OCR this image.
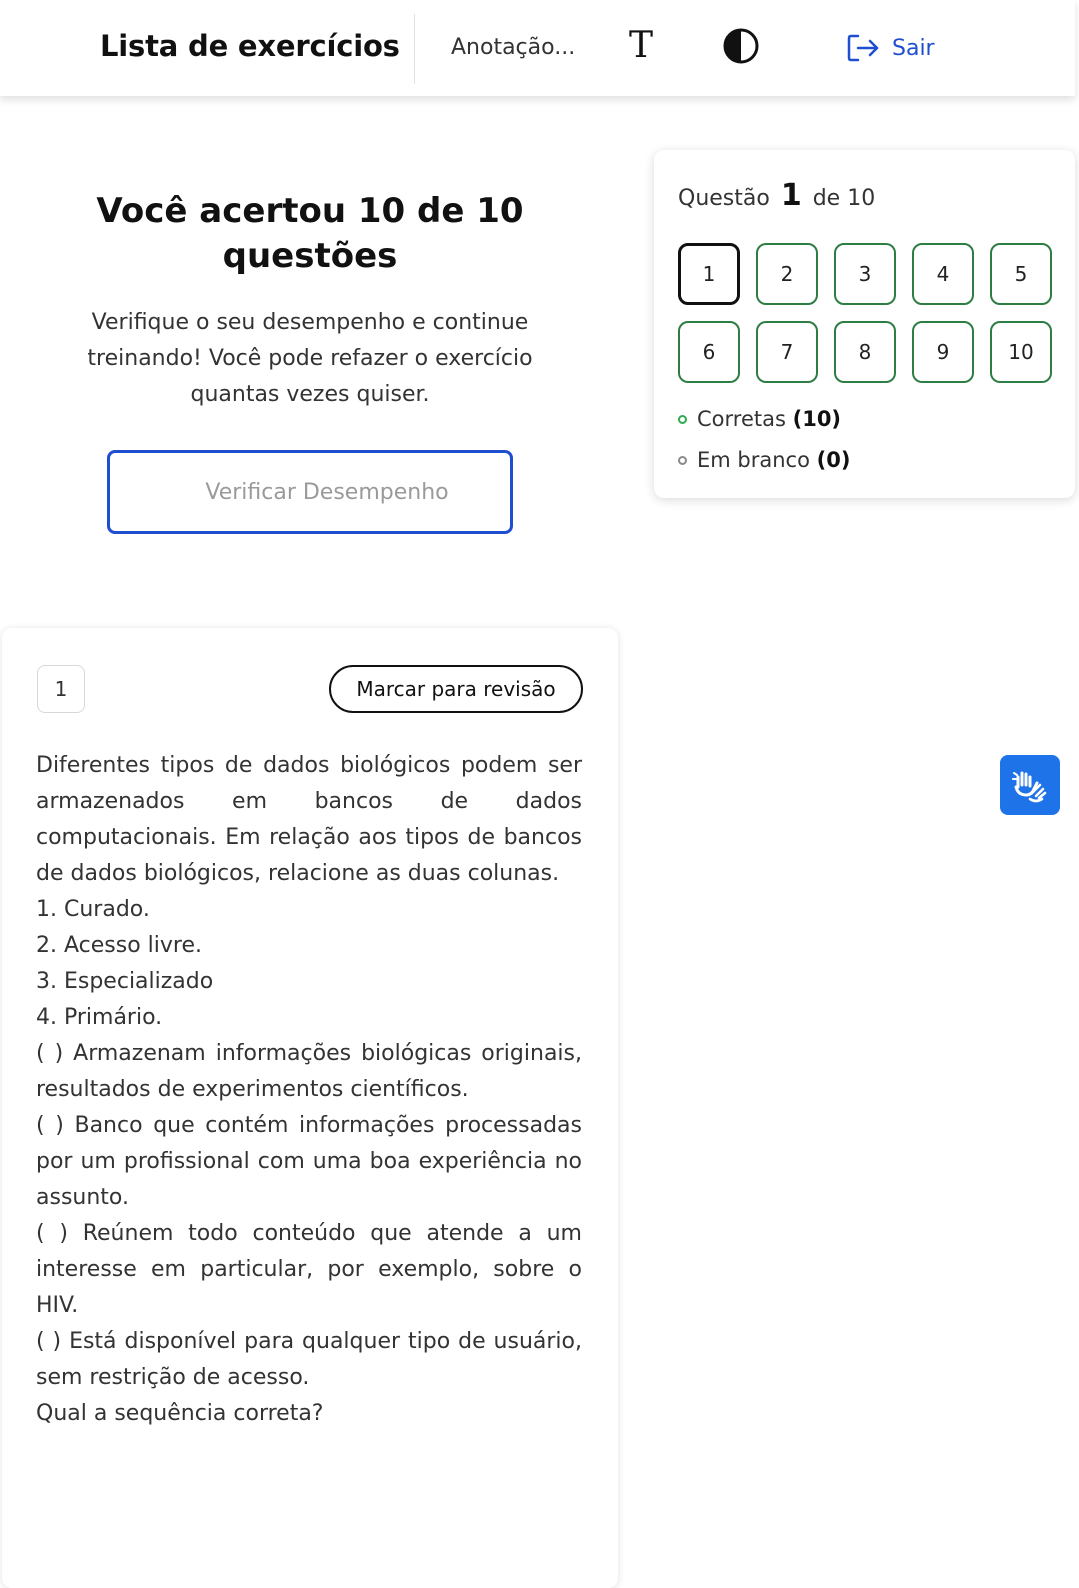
Lista de exercícios Anotação... T	Sair
Você acertou 10 de 10 questões
Verifique o seu desempenho e continue treinando! Você pode refazer o exercício quantas vezes quiser.
Verificar Desempenho
Questão 1 de 10
1	2	3	4	5
6	7	8	9	10
Corretas (10)
Em branco (0)
1	Marcar para revisão

Diferentes tipos de dados biológicos podem ser armazenados em bancos de dados computacionais. Em relação aos tipos de bancos de dados biológicos, relacione as duas colunas.

1. Curado.

2. Acesso livre.

3. Especializado

4. Primário.

( ) Armazenam informações biológicas originais, resultados de experimentos científicos.

( ) Banco que contém informações processadas por um profissional com uma boa experiência no assunto.

( ) Reúnem todo conteúdo que atende a um interesse em particular, por exemplo, sobre o HIV.

( ) Está disponível para qualquer tipo de usuário, sem restrição de acesso.

Qual a sequência correta?
